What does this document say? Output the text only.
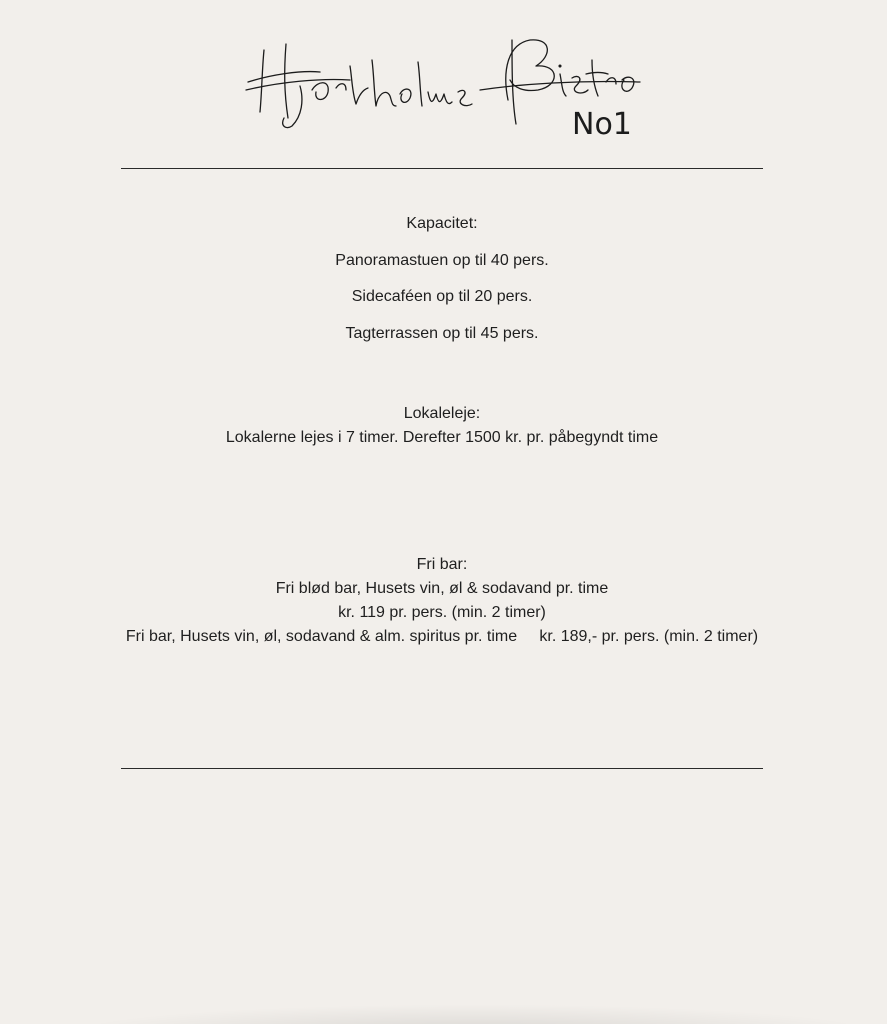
No1
Kapacitet:
Panoramastuen op til 40 pers.
Sidecaféen op til 20 pers.
Tagterrassen op til 45 pers.
Lokaleleje:
Lokalerne lejes i 7 timer. Derefter 1500 kr. pr. påbegyndt time
Fri bar:
Fri blød bar, Husets vin, øl & sodavand pr. time
kr. 119 pr. pers. (min. 2 timer)
Fri bar, Husets vin, øl, sodavand & alm. spiritus pr. time     kr. 189,- pr. pers. (min. 2 timer)
